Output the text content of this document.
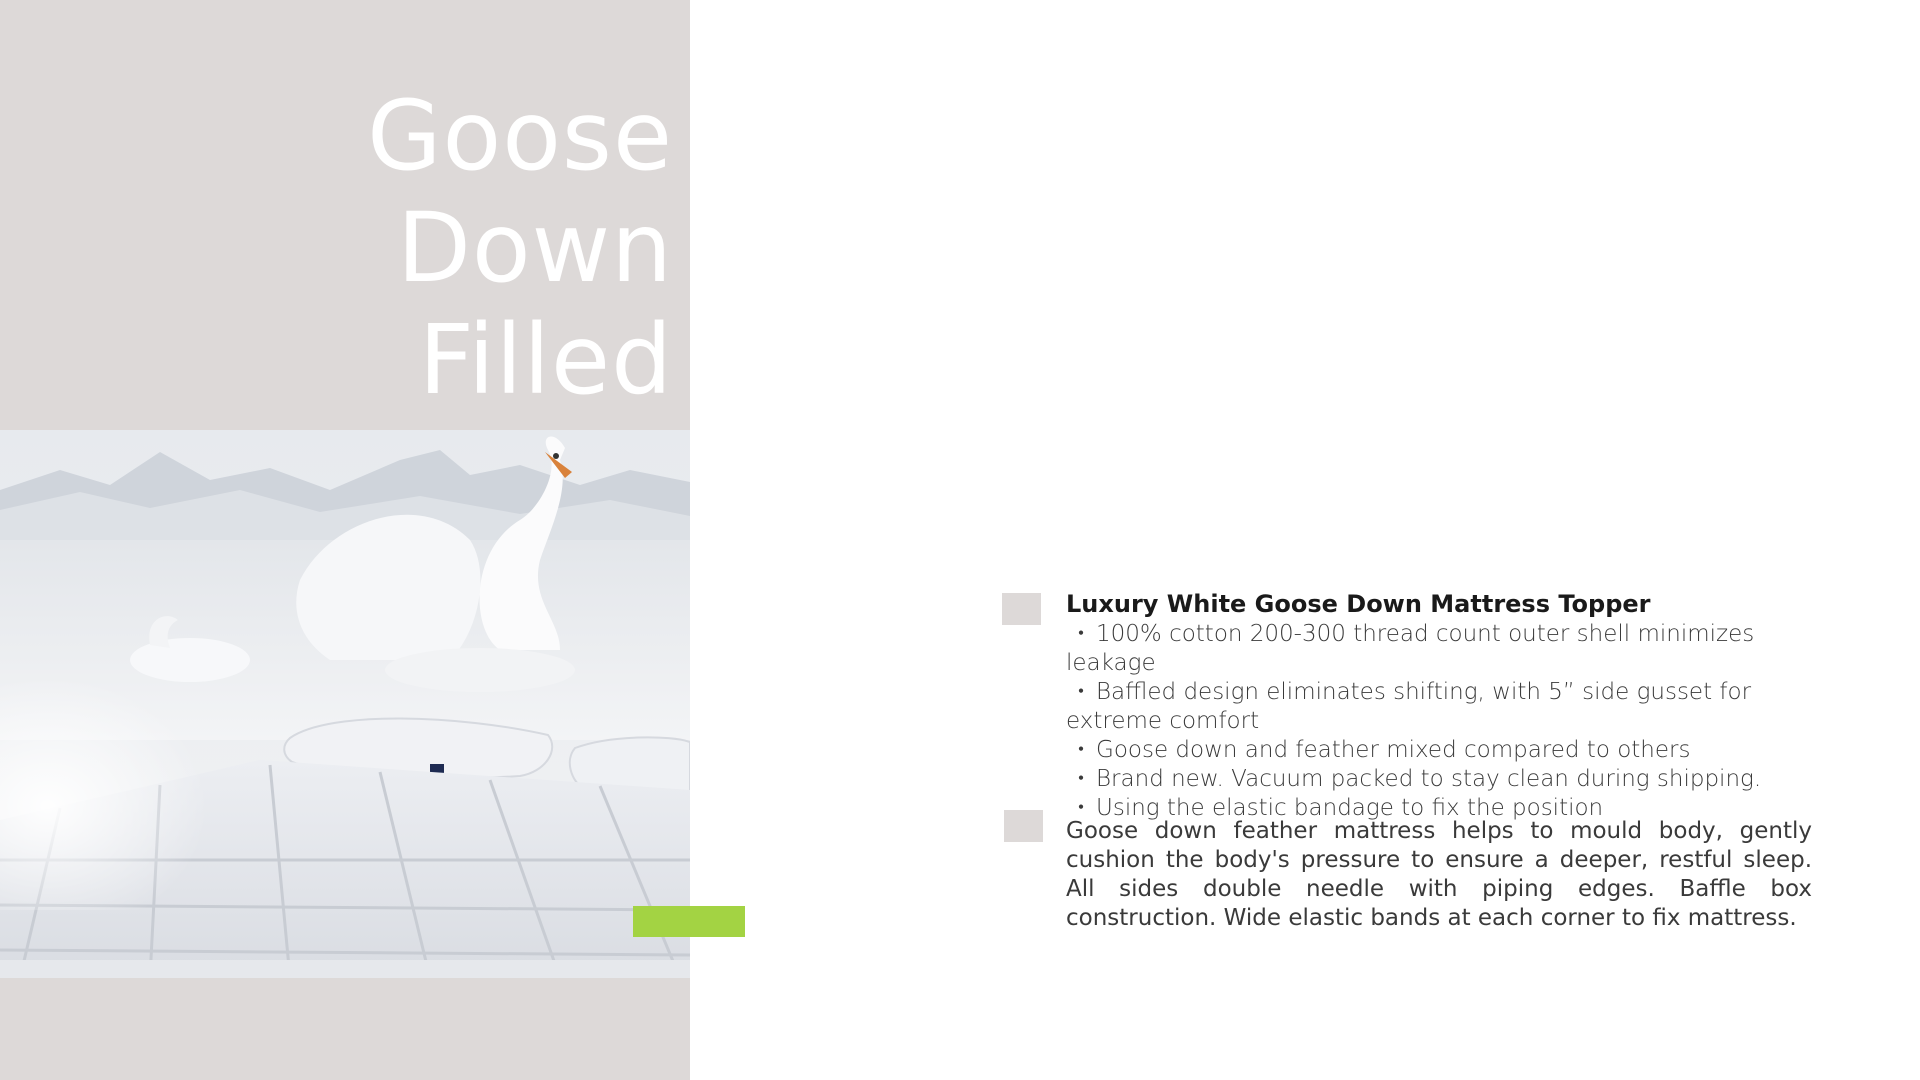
Goose
Down
Filled

Luxury White Goose Down Mattress Topper

・ 100% cotton 200-300 thread count outer shell minimizes leakage
・ Baffled design eliminates shifting, with 5” side gusset for extreme comfort
・ Goose down and feather mixed compared to others
・ Brand new. Vacuum packed to stay clean during shipping.
・ Using the elastic bandage to fix the position

Goose down feather mattress helps to mould body, gently cushion the body's pressure to ensure a deeper, restful sleep. All sides double needle with piping edges. Baffle box construction. Wide elastic bands at each corner to fix mattress.
